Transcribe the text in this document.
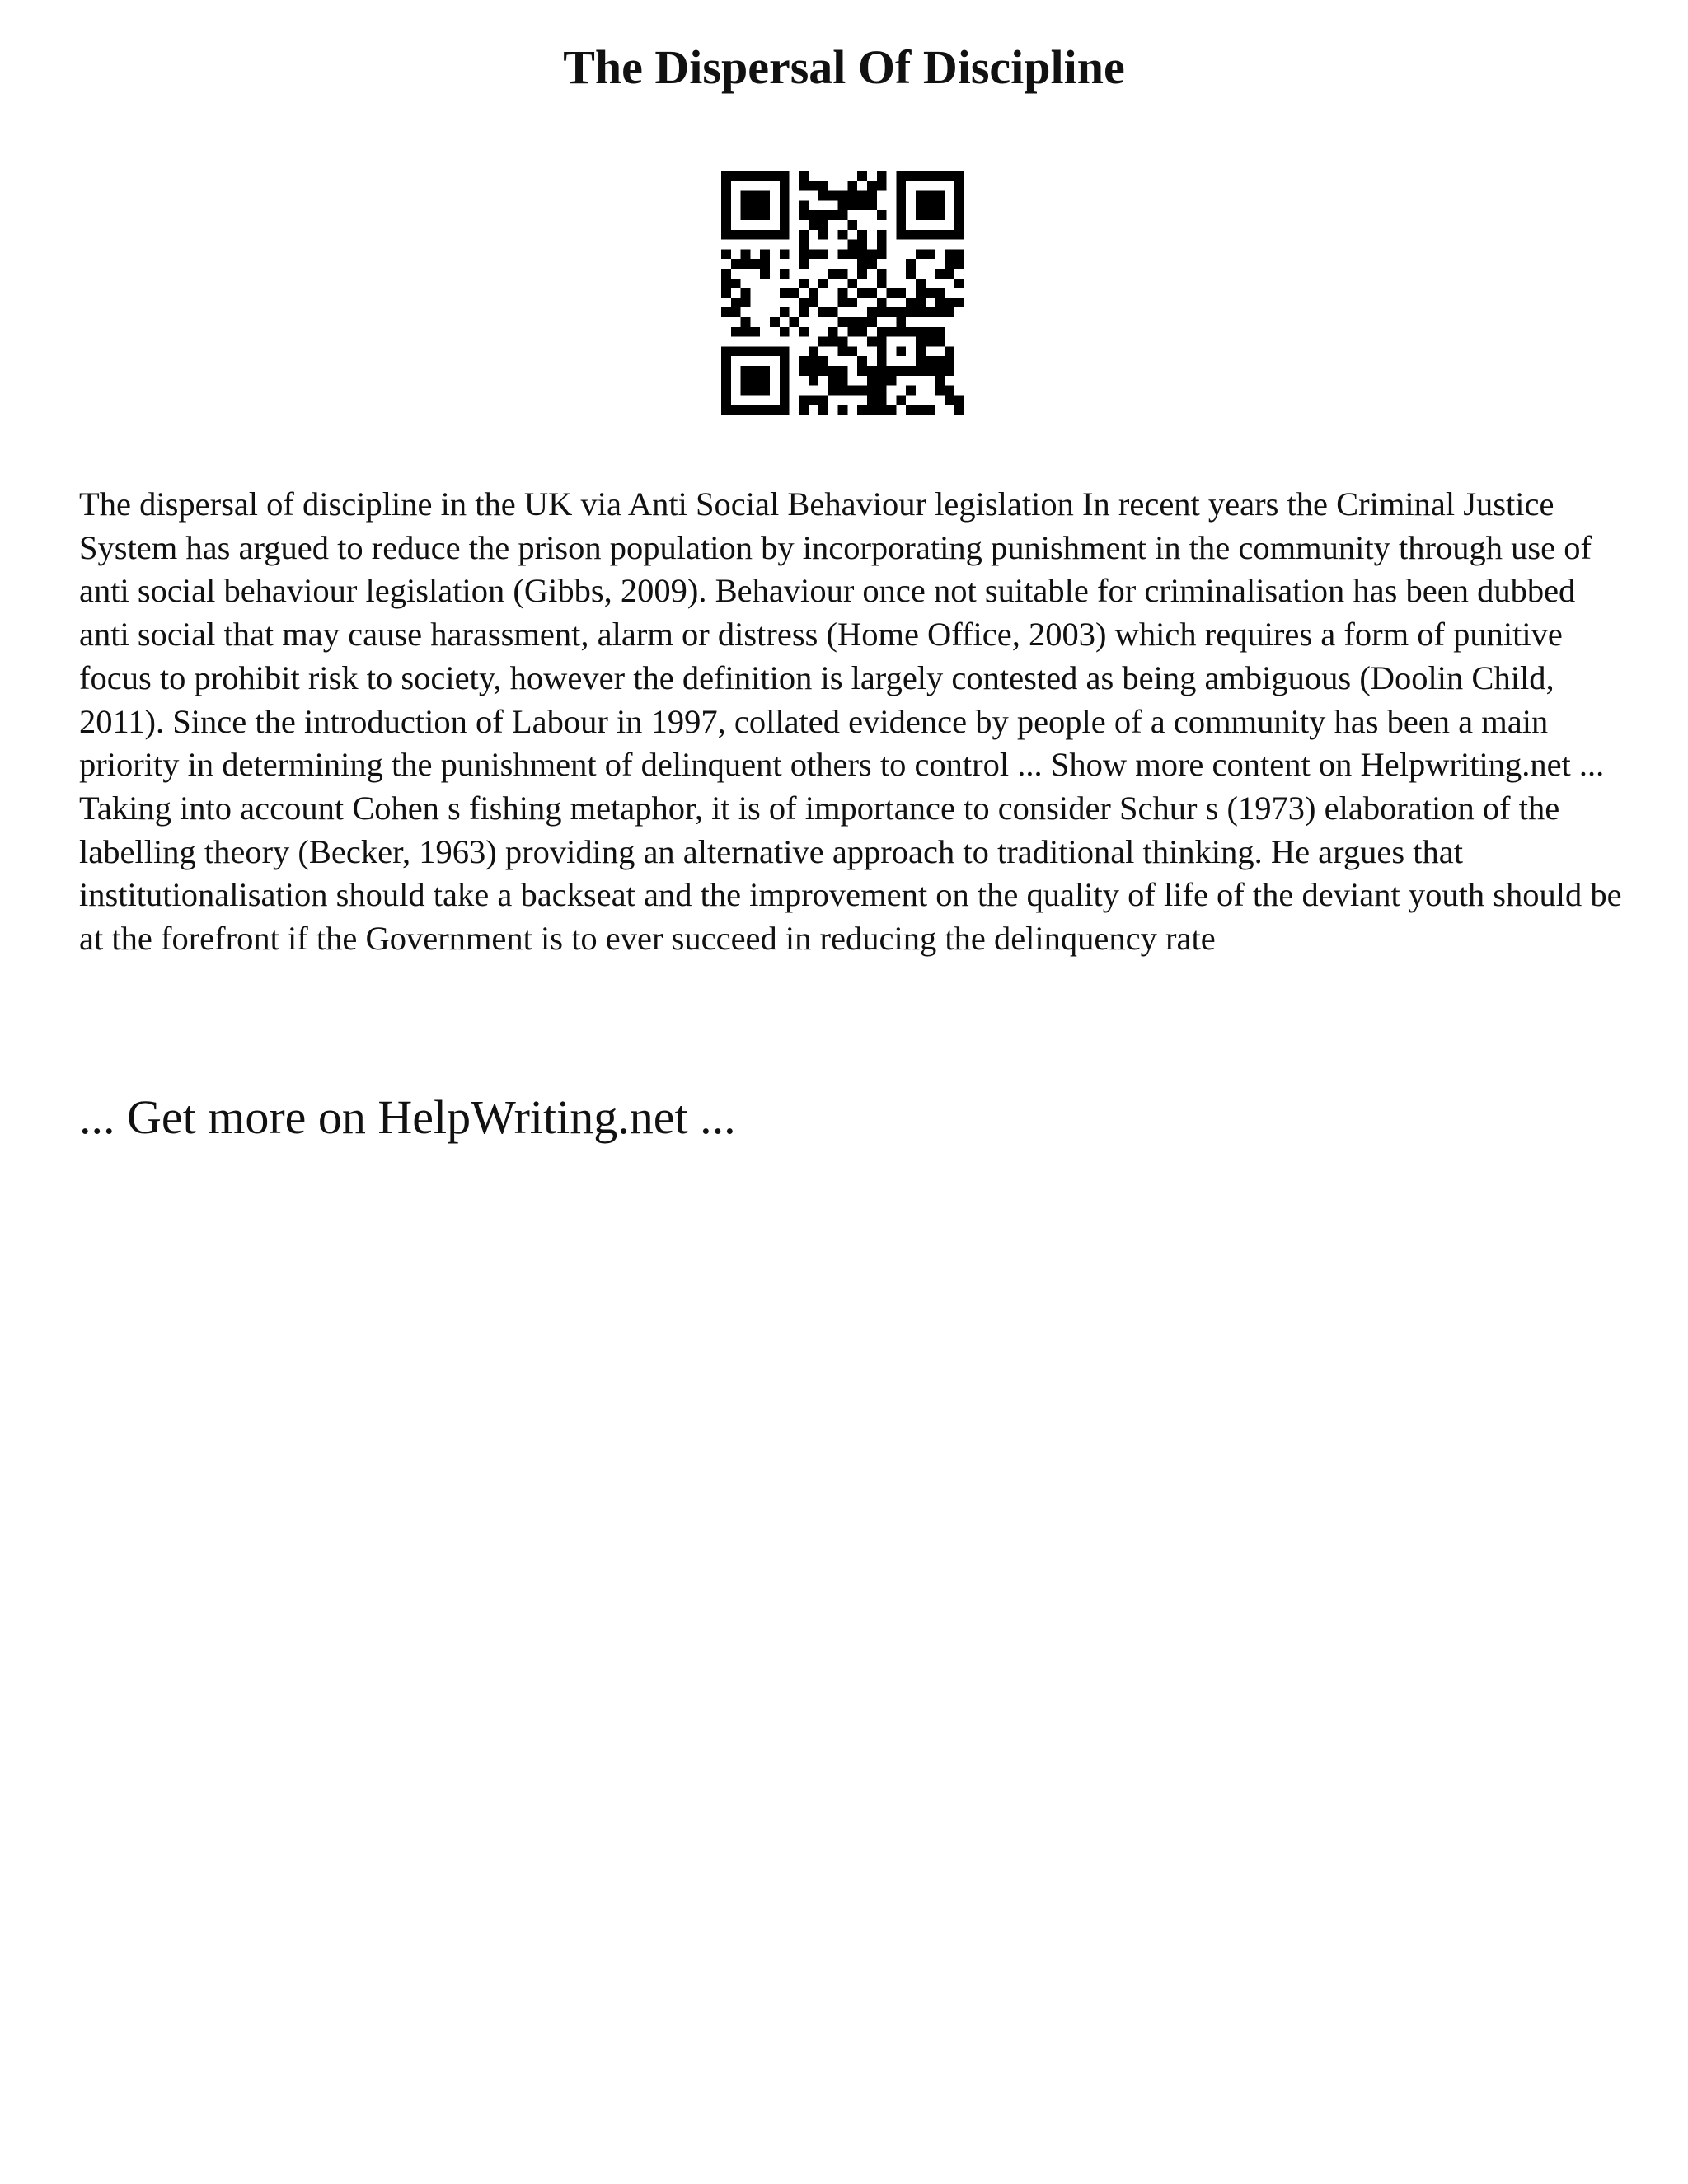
The Dispersal Of Discipline

The dispersal of discipline in the UK via Anti Social Behaviour legislation In recent years the Criminal Justice System has argued to reduce the prison population by incorporating punishment in the community through use of anti social behaviour legislation (Gibbs, 2009). Behaviour once not suitable for criminalisation has been dubbed anti social that may cause harassment, alarm or distress (Home Office, 2003) which requires a form of punitive focus to prohibit risk to society, however the definition is largely contested as being ambiguous (Doolin Child, 2011). Since the introduction of Labour in 1997, collated evidence by people of a community has been a main priority in determining the punishment of delinquent others to control ... Show more content on Helpwriting.net ...

Taking into account Cohen s fishing metaphor, it is of importance to consider Schur s (1973) elaboration of the labelling theory (Becker, 1963) providing an alternative approach to traditional thinking. He argues that institutionalisation should take a backseat and the improvement on the quality of life of the deviant youth should be at the forefront if the Government is to ever succeed in reducing the delinquency rate

... Get more on HelpWriting.net ...
